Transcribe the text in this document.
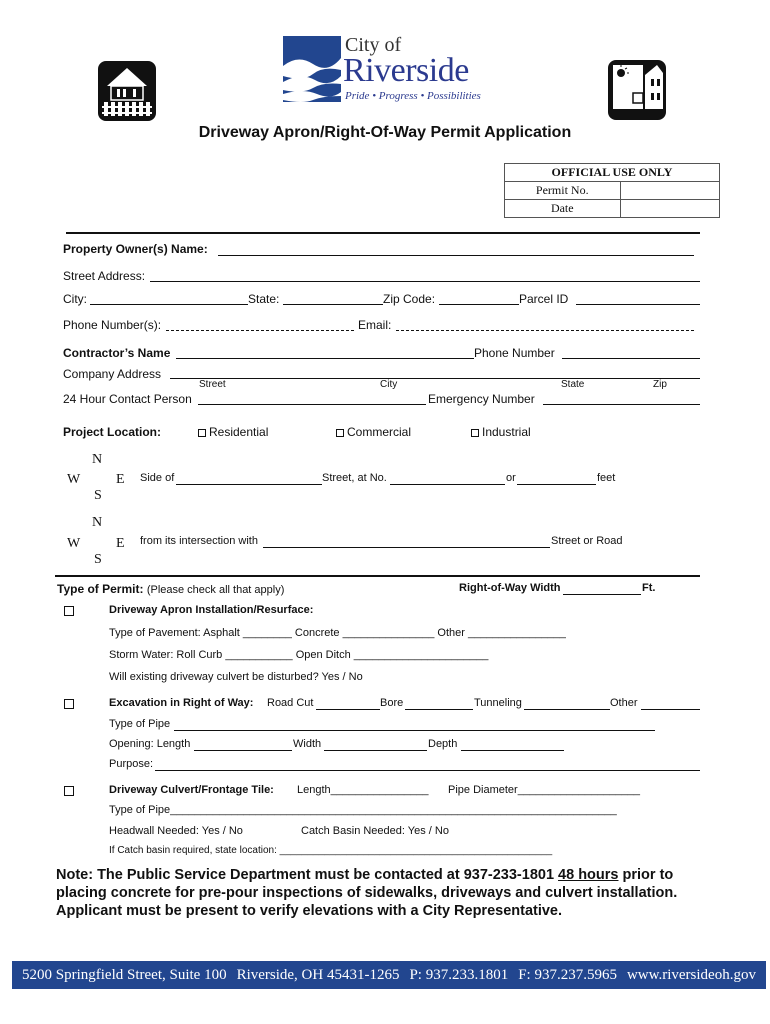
City of
Riverside
Pride • Progress • Possibilities
Driveway Apron/Right-Of-Way Permit Application
OFFICIAL USE ONLY	
Permit No.	
Date	
Property Owner(s) Name:
Street Address:
City:	State:	Zip Code:	Parcel ID
Phone Number(s):	Email:
Contractor’s Name	Phone Number
Company Address
Street	City	State	Zip
24 Hour Contact Person	Emergency Number
Project Location:	Residential	Commercial	Industrial
N
W	E
S
Side of	Street, at No.	or	feet
N
W	E
S
from its intersection with	Street or Road
Type of Permit: (Please check all that apply)	Right-of-Way Width	Ft.
Driveway Apron Installation/Resurface:
Type of Pavement: Asphalt ________ Concrete _______________ Other ________________
Storm Water: Roll Curb ___________ Open Ditch ______________________
Will existing driveway culvert be disturbed? Yes / No
Excavation in Right of Way: Road Cut	Bore	Tunneling	Other
Type of Pipe
Opening: Length	Width	Depth
Purpose:
Driveway Culvert/Frontage Tile: Length________________ Pipe Diameter____________________
Type of Pipe_________________________________________________________________________
Headwall Needed: Yes / No	Catch Basin Needed: Yes / No
If Catch basin required, state location: _________________________________________________
Note: The Public Service Department must be contacted at 937-233-1801 48 hours prior to
placing concrete for pre-pour inspections of sidewalks, driveways and culvert installation.
Applicant must be present to verify elevations with a City Representative.
5200 Springfield Street, Suite 100 Riverside, OH 45431-1265 P: 937.233.1801 F: 937.237.5965 www.riversideoh.gov
